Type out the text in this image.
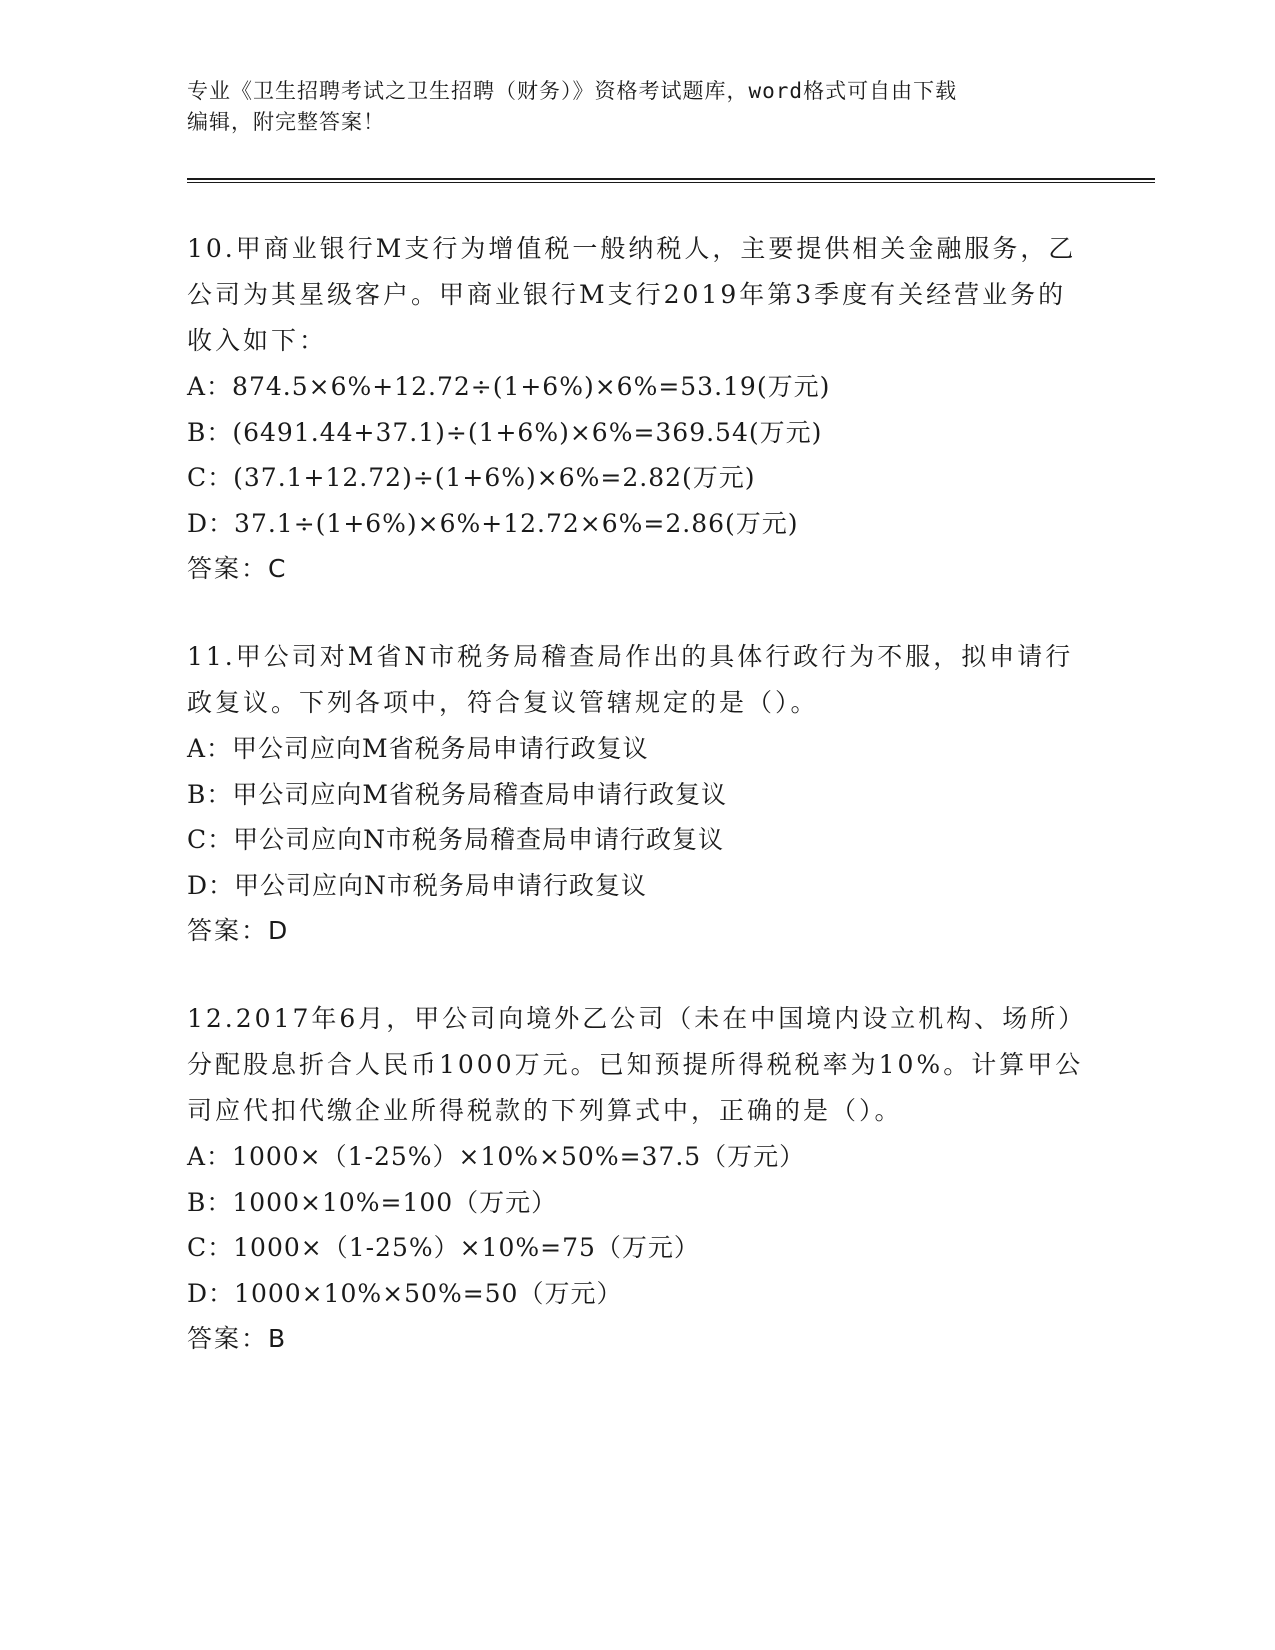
专业《卫生招聘考试之卫生招聘（财务）》资格考试题库，word格式可自由下载
编辑，附完整答案！
10.甲商业银行M支行为增值税一般纳税人，主要提供相关金融服务，乙公司为其星级客户。甲商业银行M支行2019年第3季度有关经营业务的收入如下：
A：874.5×6%+12.72÷(1+6%)×6%=53.19(万元)
B：(6491.44+37.1)÷(1+6%)×6%=369.54(万元)
C：(37.1+12.72)÷(1+6%)×6%=2.82(万元)
D：37.1÷(1+6%)×6%+12.72×6%=2.86(万元)
答案：C
11.甲公司对M省N市税务局稽查局作出的具体行政行为不服，拟申请行政复议。下列各项中，符合复议管辖规定的是（）。
A：甲公司应向M省税务局申请行政复议
B：甲公司应向M省税务局稽查局申请行政复议
C：甲公司应向N市税务局稽查局申请行政复议
D：甲公司应向N市税务局申请行政复议
答案：D
12.2017年6月，甲公司向境外乙公司（未在中国境内设立机构、场所）分配股息折合人民币1000万元。已知预提所得税税率为10%。计算甲公司应代扣代缴企业所得税款的下列算式中，正确的是（）。
A：1000×（1-25%）×10%×50%=37.5（万元）
B：1000×10%=100（万元）
C：1000×（1-25%）×10%=75（万元）
D：1000×10%×50%=50（万元）
答案：B
